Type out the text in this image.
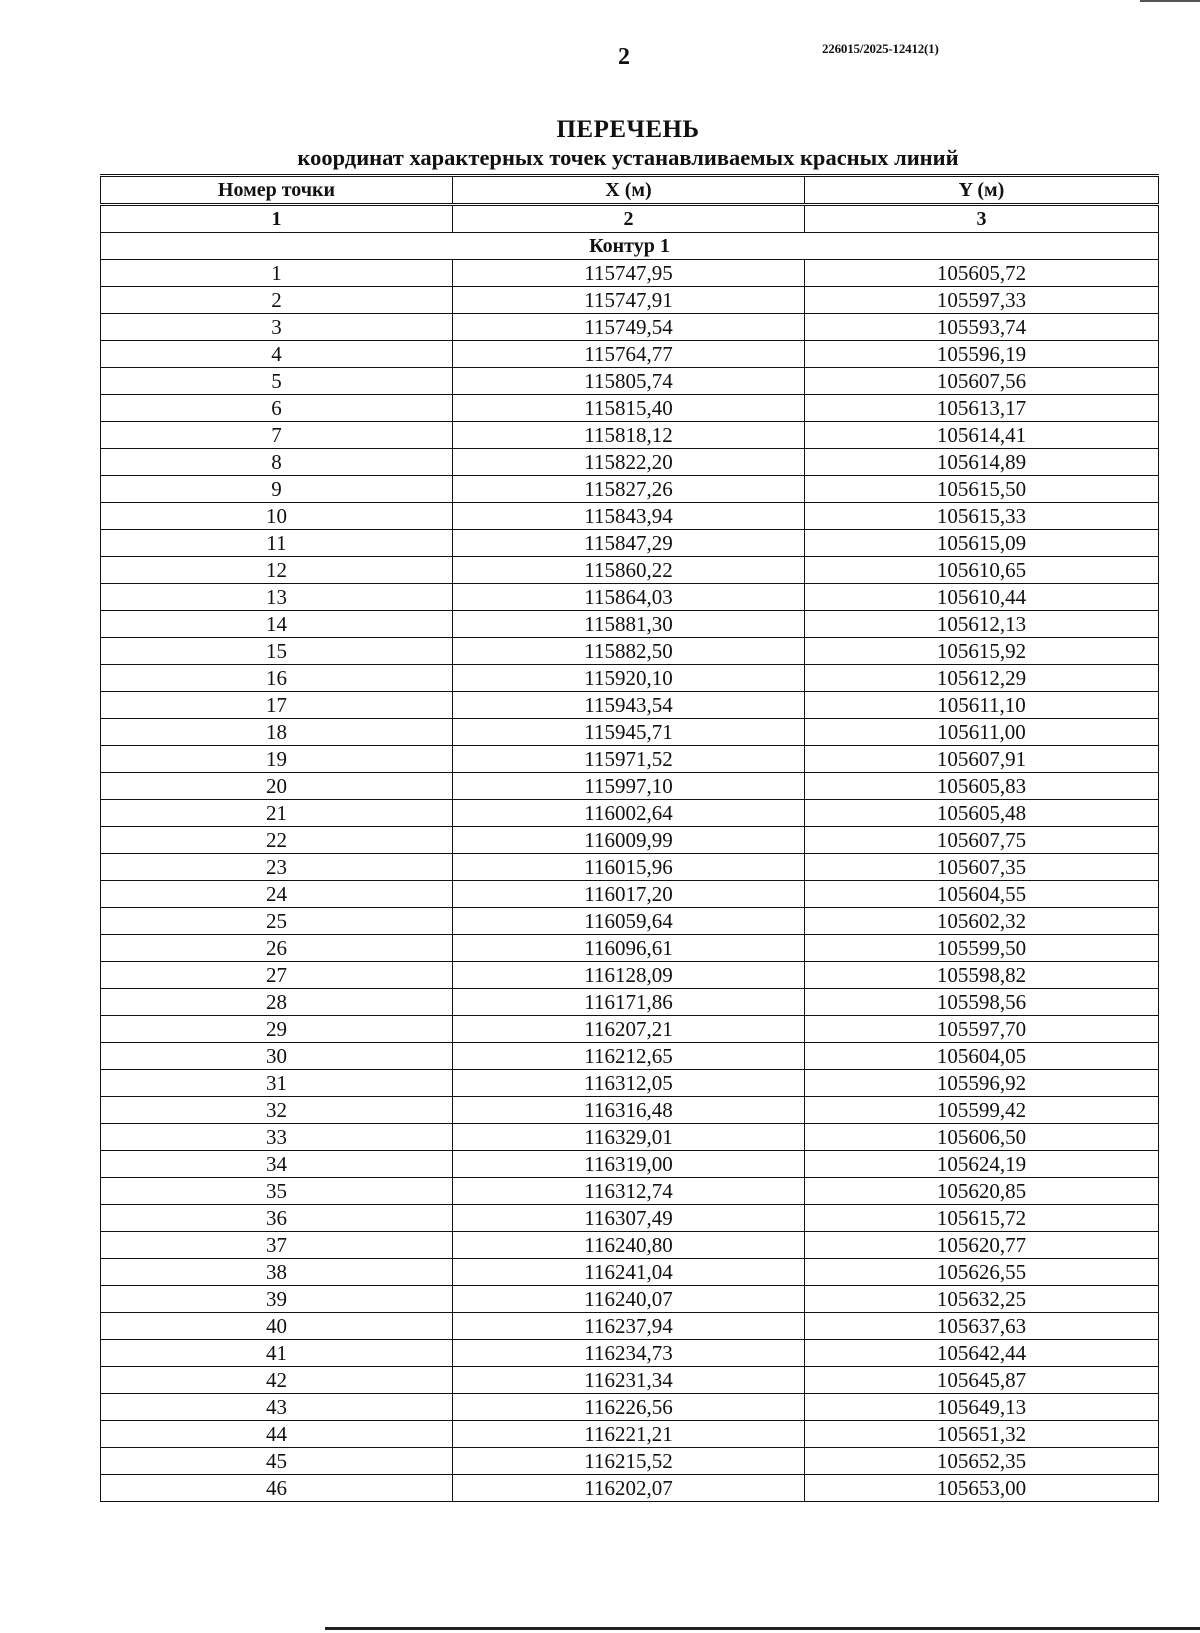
2	226015/2025-12412(1)
ПЕРЕЧЕНЬ
координат характерных точек устанавливаемых красных линий
Номер точки	X (м)	Y (м)
1	2	3
Контур 1		
1	115747,95	105605,72
2	115747,91	105597,33
3	115749,54	105593,74
4	115764,77	105596,19
5	115805,74	105607,56
6	115815,40	105613,17
7	115818,12	105614,41
8	115822,20	105614,89
9	115827,26	105615,50
10	115843,94	105615,33
11	115847,29	105615,09
12	115860,22	105610,65
13	115864,03	105610,44
14	115881,30	105612,13
15	115882,50	105615,92
16	115920,10	105612,29
17	115943,54	105611,10
18	115945,71	105611,00
19	115971,52	105607,91
20	115997,10	105605,83
21	116002,64	105605,48
22	116009,99	105607,75
23	116015,96	105607,35
24	116017,20	105604,55
25	116059,64	105602,32
26	116096,61	105599,50
27	116128,09	105598,82
28	116171,86	105598,56
29	116207,21	105597,70
30	116212,65	105604,05
31	116312,05	105596,92
32	116316,48	105599,42
33	116329,01	105606,50
34	116319,00	105624,19
35	116312,74	105620,85
36	116307,49	105615,72
37	116240,80	105620,77
38	116241,04	105626,55
39	116240,07	105632,25
40	116237,94	105637,63
41	116234,73	105642,44
42	116231,34	105645,87
43	116226,56	105649,13
44	116221,21	105651,32
45	116215,52	105652,35
46	116202,07	105653,00
